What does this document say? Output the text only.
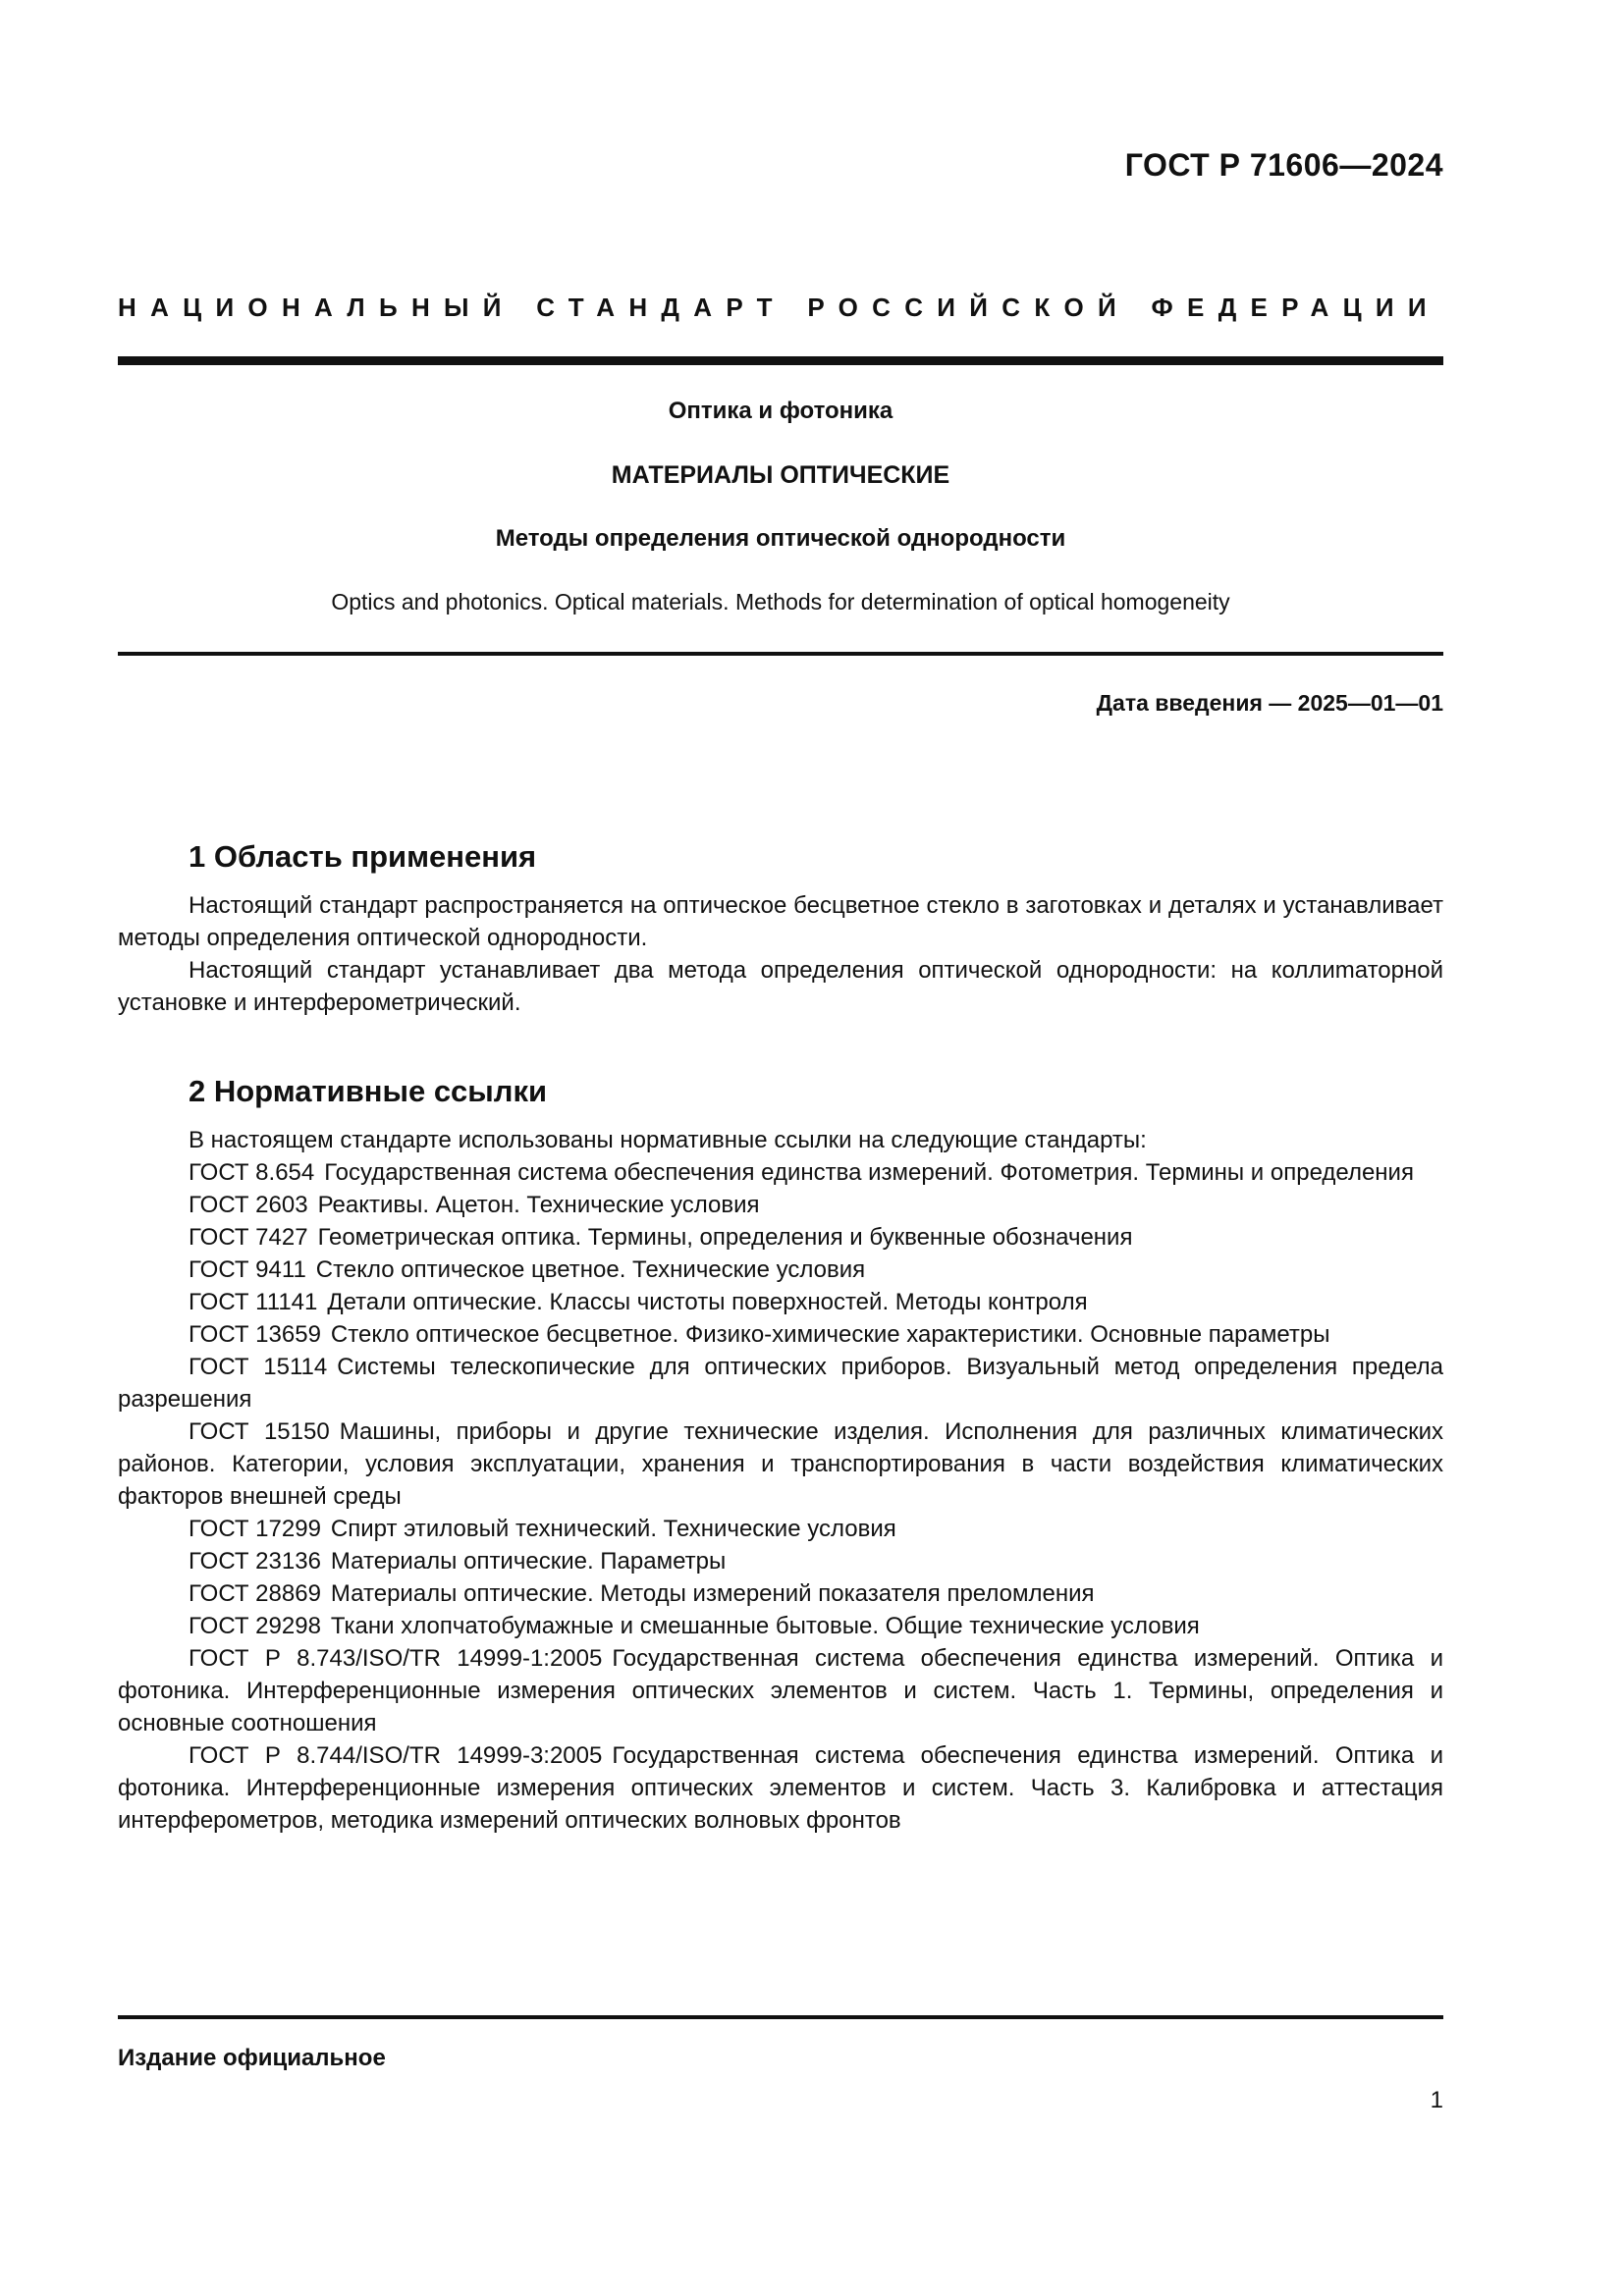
ГОСТ Р 71606—2024
НАЦИОНАЛЬНЫЙ СТАНДАРТ РОССИЙСКОЙ ФЕДЕРАЦИИ
Оптика и фотоника
МАТЕРИАЛЫ ОПТИЧЕСКИЕ
Методы определения оптической однородности
Optics and photonics. Optical materials. Methods for determination of optical homogeneity
Дата введения — 2025—01—01
1 Область применения

Настоящий стандарт распространяется на оптическое бесцветное стекло в заготовках и деталях и устанавливает методы определения оптической однородности.

Настоящий стандарт устанавливает два метода определения оптической однородности: на коллиmаторной установке и интерферометрический.

2 Нормативные ссылки

В настоящем стандарте использованы нормативные ссылки на следующие стандарты:

ГОСТ 8.654 Государственная система обеспечения единства измерений. Фотометрия. Термины и определения

ГОСТ 2603 Реактивы. Ацетон. Технические условия

ГОСТ 7427 Геометрическая оптика. Термины, определения и буквенные обозначения

ГОСТ 9411 Стекло оптическое цветное. Технические условия

ГОСТ 11141 Детали оптические. Классы чистоты поверхностей. Методы контроля

ГОСТ 13659 Стекло оптическое бесцветное. Физико-химические характеристики. Основные параметры

ГОСТ 15114 Системы телескопические для оптических приборов. Визуальный метод определения предела разрешения

ГОСТ 15150 Машины, приборы и другие технические изделия. Исполнения для различных климатических районов. Категории, условия эксплуатации, хранения и транспортирования в части воздействия климатических факторов внешней среды

ГОСТ 17299 Спирт этиловый технический. Технические условия

ГОСТ 23136 Материалы оптические. Параметры

ГОСТ 28869 Материалы оптические. Методы измерений показателя преломления

ГОСТ 29298 Ткани хлопчатобумажные и смешанные бытовые. Общие технические условия

ГОСТ Р 8.743/ISO/TR 14999-1:2005 Государственная система обеспечения единства измерений. Оптика и фотоника. Интерференционные измерения оптических элементов и систем. Часть 1. Термины, определения и основные соотношения

ГОСТ Р 8.744/ISO/TR 14999-3:2005 Государственная система обеспечения единства измерений. Оптика и фотоника. Интерференционные измерения оптических элементов и систем. Часть 3. Калибровка и аттестация интерферометров, методика измерений оптических волновых фронтов

Издание официальное
1
